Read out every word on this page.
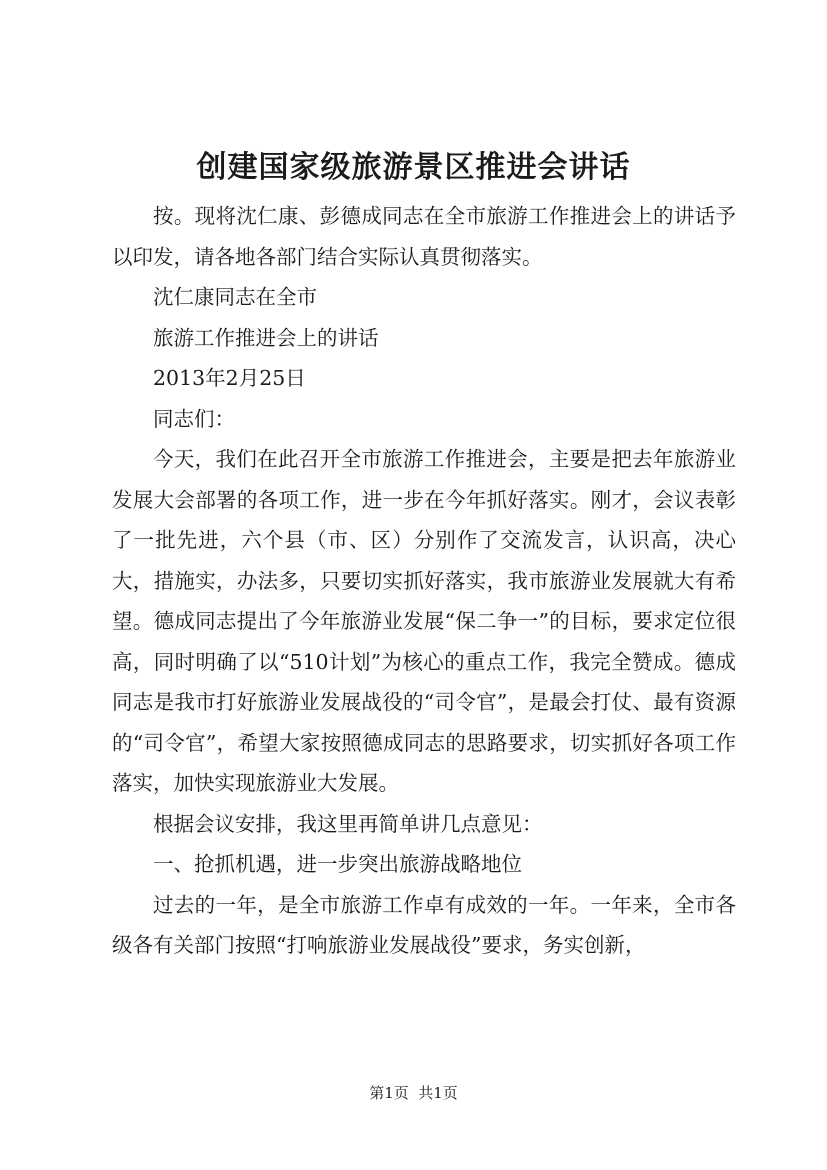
创建国家级旅游景区推进会讲话

按。现将沈仁康、彭德成同志在全市旅游工作推进会上的讲话予以印发，请各地各部门结合实际认真贯彻落实。

沈仁康同志在全市

旅游工作推进会上的讲话

2013年2月25日

同志们：

今天，我们在此召开全市旅游工作推进会，主要是把去年旅游业发展大会部署的各项工作，进一步在今年抓好落实。刚才，会议表彰了一批先进，六个县（市、区）分别作了交流发言，认识高，决心大，措施实，办法多，只要切实抓好落实，我市旅游业发展就大有希望。德成同志提出了今年旅游业发展“保二争一”的目标，要求定位很高，同时明确了以“510计划”为核心的重点工作，我完全赞成。德成同志是我市打好旅游业发展战役的“司令官”，是最会打仗、最有资源的“司令官”，希望大家按照德成同志的思路要求，切实抓好各项工作落实，加快实现旅游业大发展。

根据会议安排，我这里再简单讲几点意见：

一、抢抓机遇，进一步突出旅游战略地位

过去的一年，是全市旅游工作卓有成效的一年。一年来，全市各级各有关部门按照“打响旅游业发展战役”要求，务实创新，

第1页  共1页
